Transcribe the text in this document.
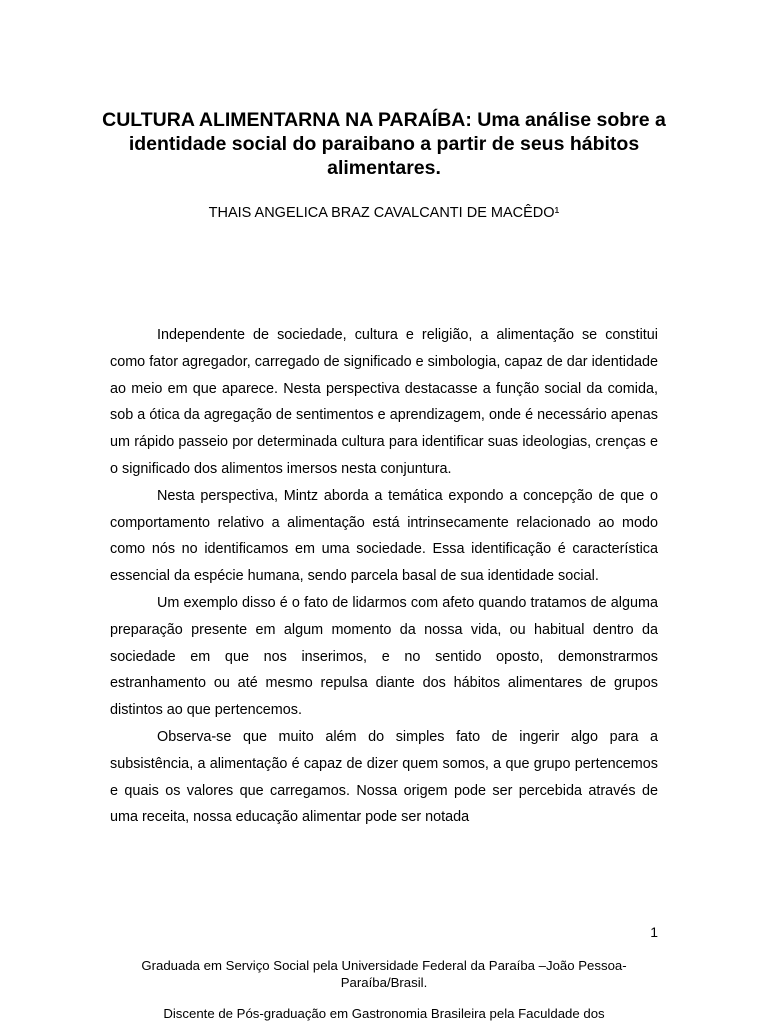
CULTURA ALIMENTARNA NA PARAÍBA: Uma análise sobre a identidade social do paraibano a partir de seus hábitos alimentares.
THAIS ANGELICA BRAZ CAVALCANTI DE MACÊDO¹

Independente de sociedade, cultura e religião, a alimentação se constitui como fator agregador, carregado de significado e simbologia, capaz de dar identidade ao meio em que aparece. Nesta perspectiva destacasse a função social da comida, sob a ótica da agregação de sentimentos e aprendizagem, onde é necessário apenas um rápido passeio por determinada cultura para identificar suas ideologias, crenças e o significado dos alimentos imersos nesta conjuntura.

Nesta perspectiva, Mintz aborda a temática expondo a concepção de que o comportamento relativo a alimentação está intrinsecamente relacionado ao modo como nós no identificamos em uma sociedade. Essa identificação é característica essencial da espécie humana, sendo parcela basal de sua identidade social.

Um exemplo disso é o fato de lidarmos com afeto quando tratamos de alguma preparação presente em algum momento da nossa vida, ou habitual dentro da sociedade em que nos inserimos, e no sentido oposto, demonstrarmos estranhamento ou até mesmo repulsa diante dos hábitos alimentares de grupos distintos ao que pertencemos.

Observa-se que muito além do simples fato de ingerir algo para a subsistência, a alimentação é capaz de dizer quem somos, a que grupo pertencemos e quais os valores que carregamos. Nossa origem pode ser percebida através de uma receita, nossa educação alimentar pode ser notada

1
Graduada em Serviço Social pela Universidade Federal da Paraíba –João Pessoa-Paraíba/Brasil.
Discente de Pós-graduação em Gastronomia Brasileira pela Faculdade dos
